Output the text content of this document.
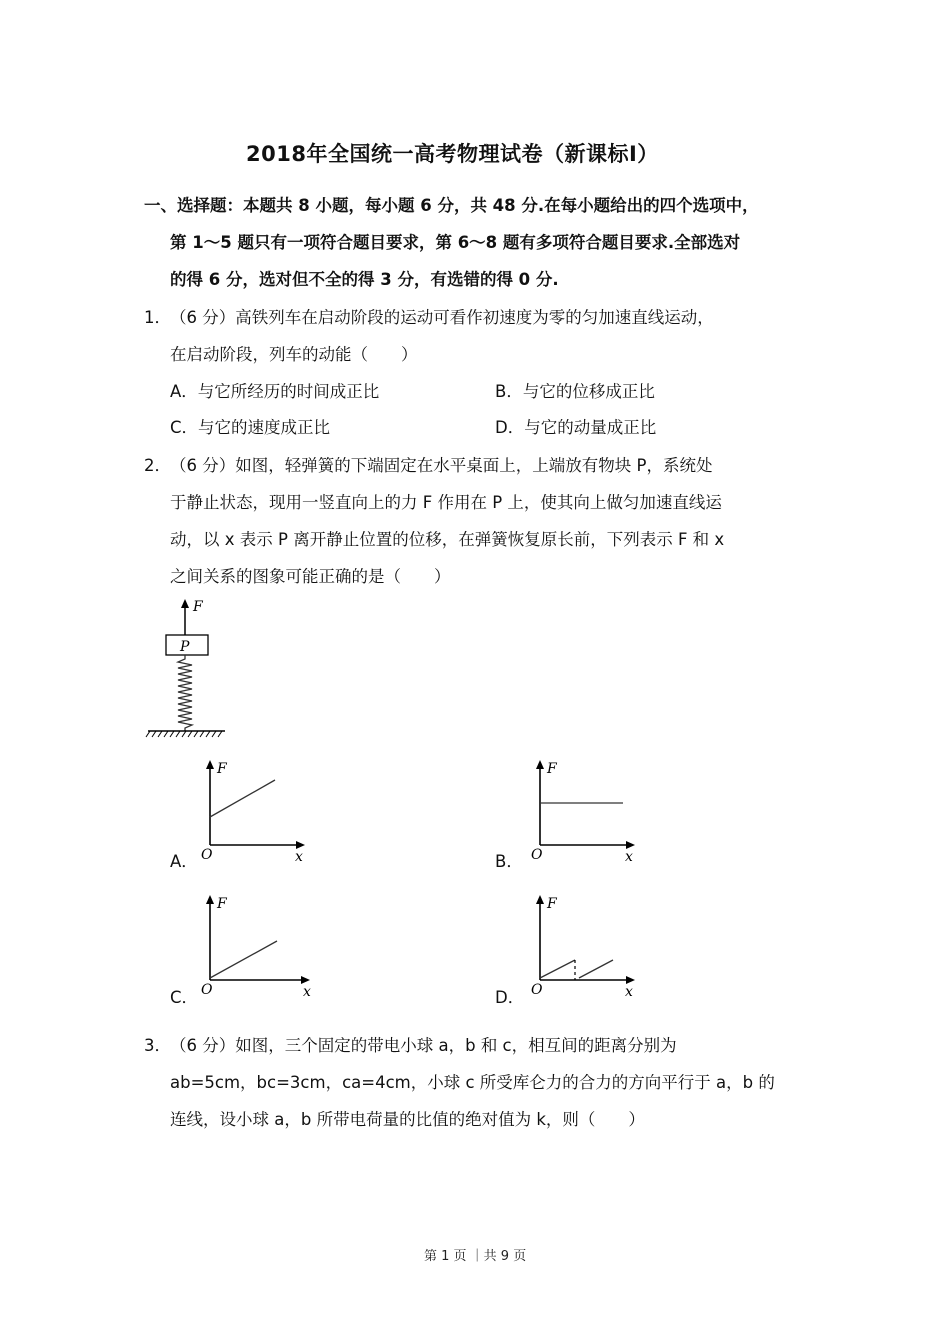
2018年全国统一高考物理试卷（新课标Ⅰ）
一、选择题：本题共 8 小题，每小题 6 分，共 48 分.在每小题给出的四个选项中，
第 1～5 题只有一项符合题目要求，第 6～8 题有多项符合题目要求.全部选对
的得 6 分，选对但不全的得 3 分，有选错的得 0 分.
1． （6 分）高铁列车在启动阶段的运动可看作初速度为零的匀加速直线运动，
在启动阶段，列车的动能（　　）
A．与它所经历的时间成正比	B．与它的位移成正比
C．与它的速度成正比	D．与它的动量成正比
2． （6 分）如图，轻弹簧的下端固定在水平桌面上，上端放有物块 P，系统处
于静止状态，现用一竖直向上的力 F 作用在 P 上，使其向上做匀加速直线运
动，以 x 表示 P 离开静止位置的位移，在弹簧恢复原长前，下列表示 F 和 x
之间关系的图象可能正确的是（　　）
F
P
A．
F
x
O	B．
F
x
O
C．
F
x
O	D．
F
x
O
3． （6 分）如图，三个固定的带电小球 a，b 和 c，相互间的距离分别为
ab=5cm，bc=3cm，ca=4cm，小球 c 所受库仑力的合力的方向平行于 a，b 的
连线，设小球 a，b 所带电荷量的比值的绝对值为 k，则（　　）
第 1 页 ｜共 9 页
